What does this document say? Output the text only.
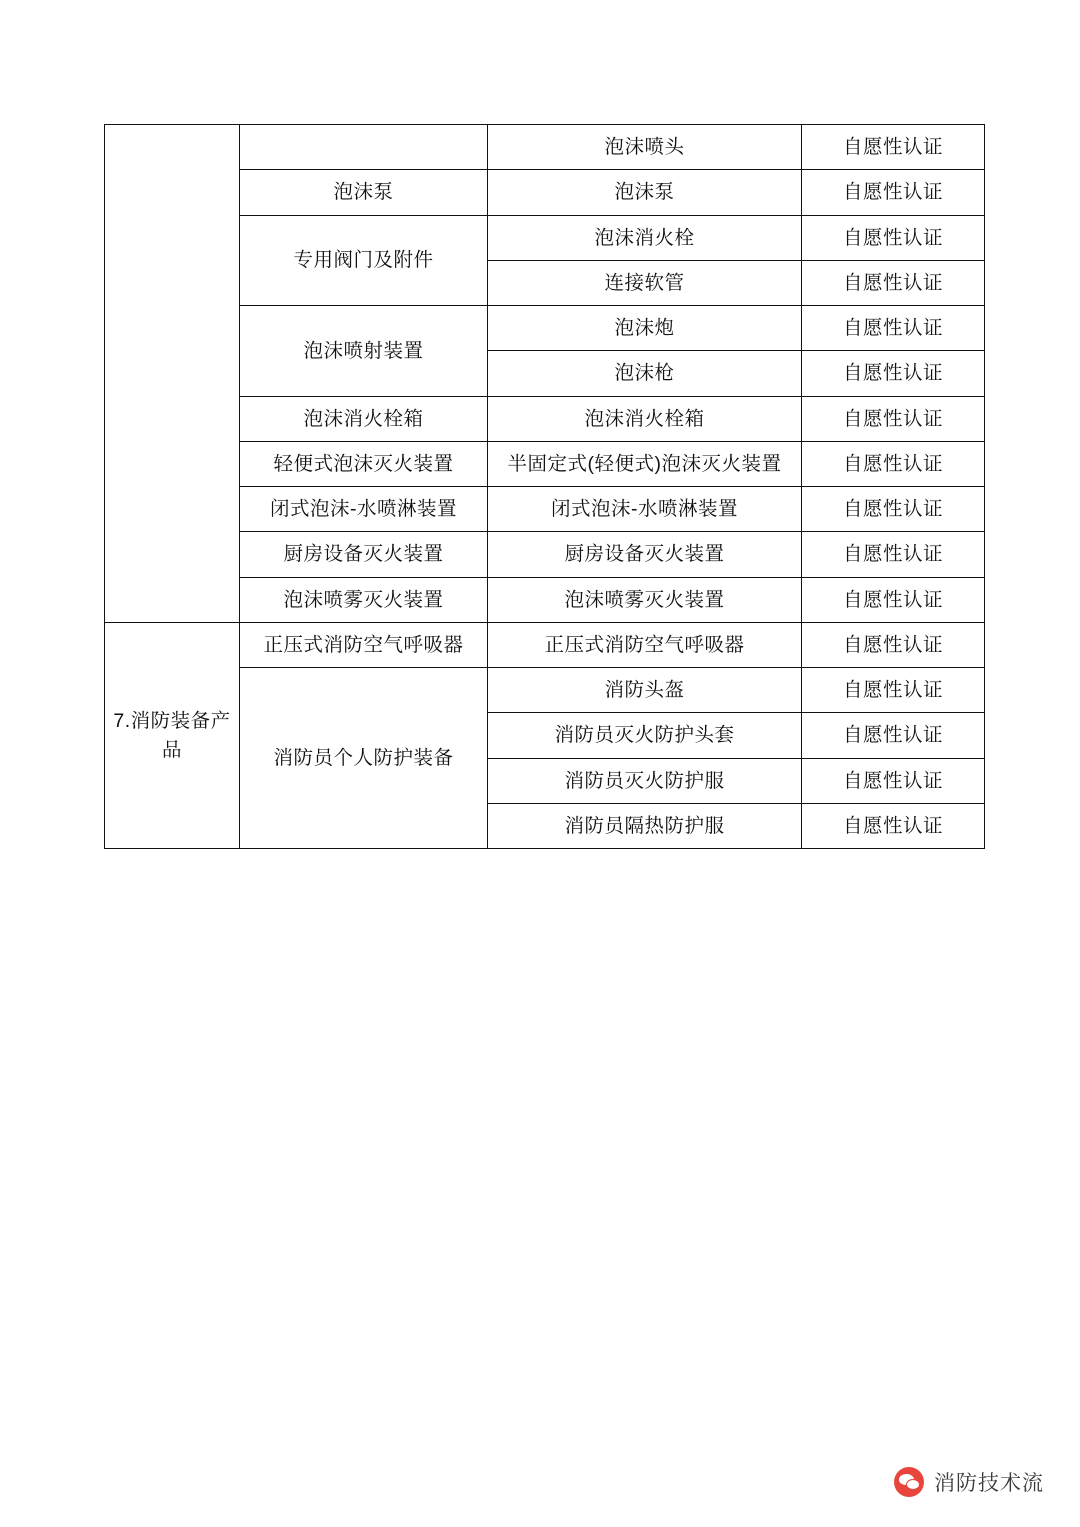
		泡沫喷头	自愿性认证
	泡沫泵	泡沫泵	自愿性认证
	专用阀门及附件	泡沫消火栓	自愿性认证
		连接软管	自愿性认证
	泡沫喷射装置	泡沫炮	自愿性认证
		泡沫枪	自愿性认证
	泡沫消火栓箱	泡沫消火栓箱	自愿性认证
	轻便式泡沫灭火装置	半固定式(轻便式)泡沫灭火装置	自愿性认证
	闭式泡沫-水喷淋装置	闭式泡沫-水喷淋装置	自愿性认证
	厨房设备灭火装置	厨房设备灭火装置	自愿性认证
	泡沫喷雾灭火装置	泡沫喷雾灭火装置	自愿性认证
7.消防装备产品	正压式消防空气呼吸器	正压式消防空气呼吸器	自愿性认证
	消防员个人防护装备	消防头盔	自愿性认证
		消防员灭火防护头套	自愿性认证
		消防员灭火防护服	自愿性认证
		消防员隔热防护服	自愿性认证
消防技术流
